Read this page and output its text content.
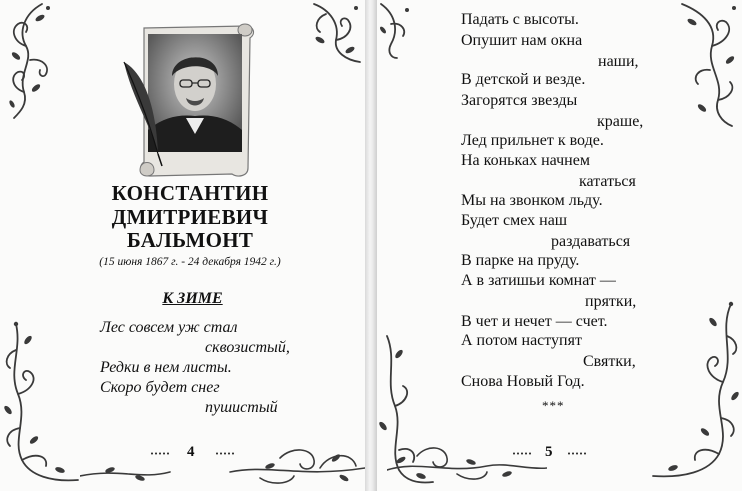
КОНСТАНТИН
ДМИТРИЕВИЧ
БАЛЬМОНТ
(15 июня 1867 г. - 24 декабря 1942 г.)
К ЗИМЕ
Лес совсем уж стал
сквозистый,
Редки в нем листы.
Скоро будет снег
пушистый
4
Падать с высоты.
Опушит нам окна
наши,
В детской и везде.
Загорятся звезды
краше,
Лед прильнет к воде.
На коньках начнем
кататься
Мы на звонком льду.
Будет смех наш
раздаваться
В парке на пруду.
А в затишьи комнат —
прятки,
В чет и нечет — счет.
А потом наступят
Святки,
Снова Новый Год.
***
5
